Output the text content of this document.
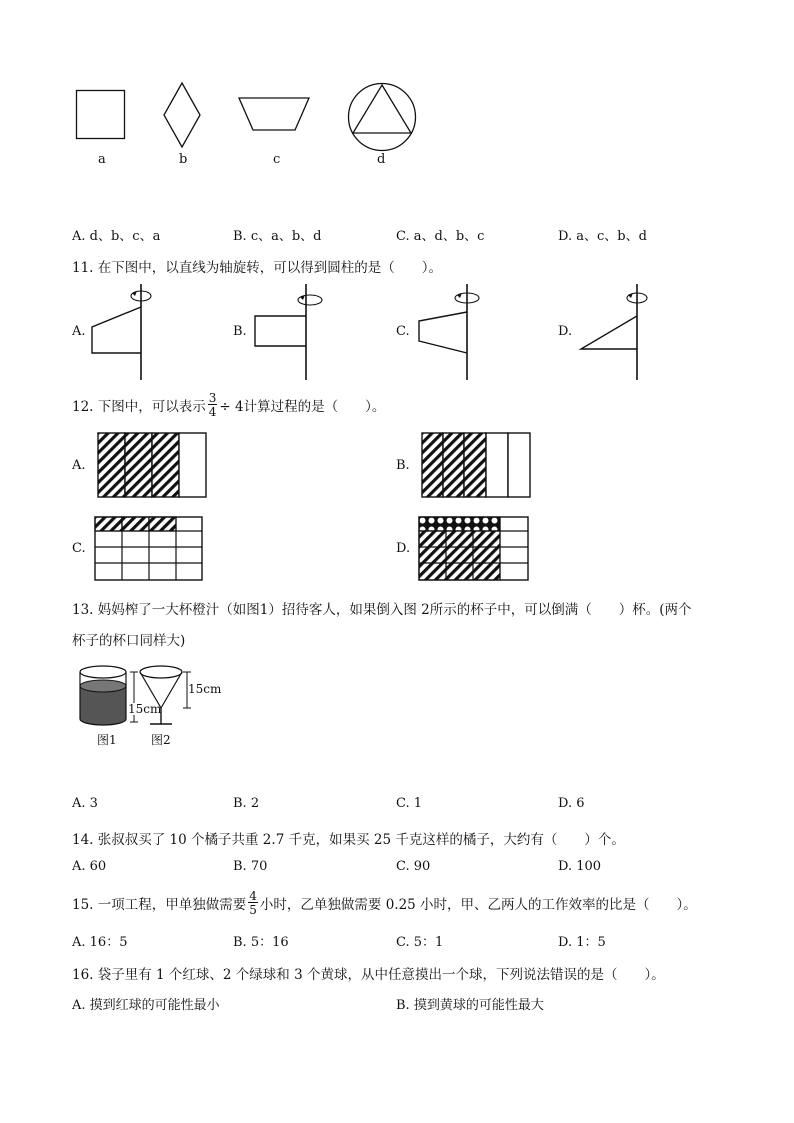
a	b	c	d
A. d、b、c、a	B. c、a、b、d	C. a、d、b、c	D. a、c、b、d
11. 在下图中，以直线为轴旋转，可以得到圆柱的是（　　）。
A.	B.	C.	D.
12. 下图中，可以表示 $\frac{3}{4} \div 4$计算过程的是（　　）。
A.	B.
C.	D.
13. 妈妈榨了一大杯橙汁（如图1）招待客人，如果倒入图 2所示的杯子中，可以倒满（　　）杯。(两个
杯子的杯口同样大)
15cm
15cm
图1	图2
A. 3	B. 2	C. 1	D. 6
14. 张叔叔买了 10 个橘子共重 2.7 千克，如果买 25 千克这样的橘子，大约有（　　）个。
A. 60	B. 70	C. 90	D. 100
15. 一项工程，甲单独做需要 $\frac{4}{5}$ 小时，乙单独做需要 0.25 小时，甲、乙两人的工作效率的比是（　　）。
A. 16：5	B. 5：16	C. 5：1	D. 1：5
16. 袋子里有 1 个红球、2 个绿球和 3 个黄球，从中任意摸出一个球，下列说法错误的是（　　）。
A. 摸到红球的可能性最小	B. 摸到黄球的可能性最大
